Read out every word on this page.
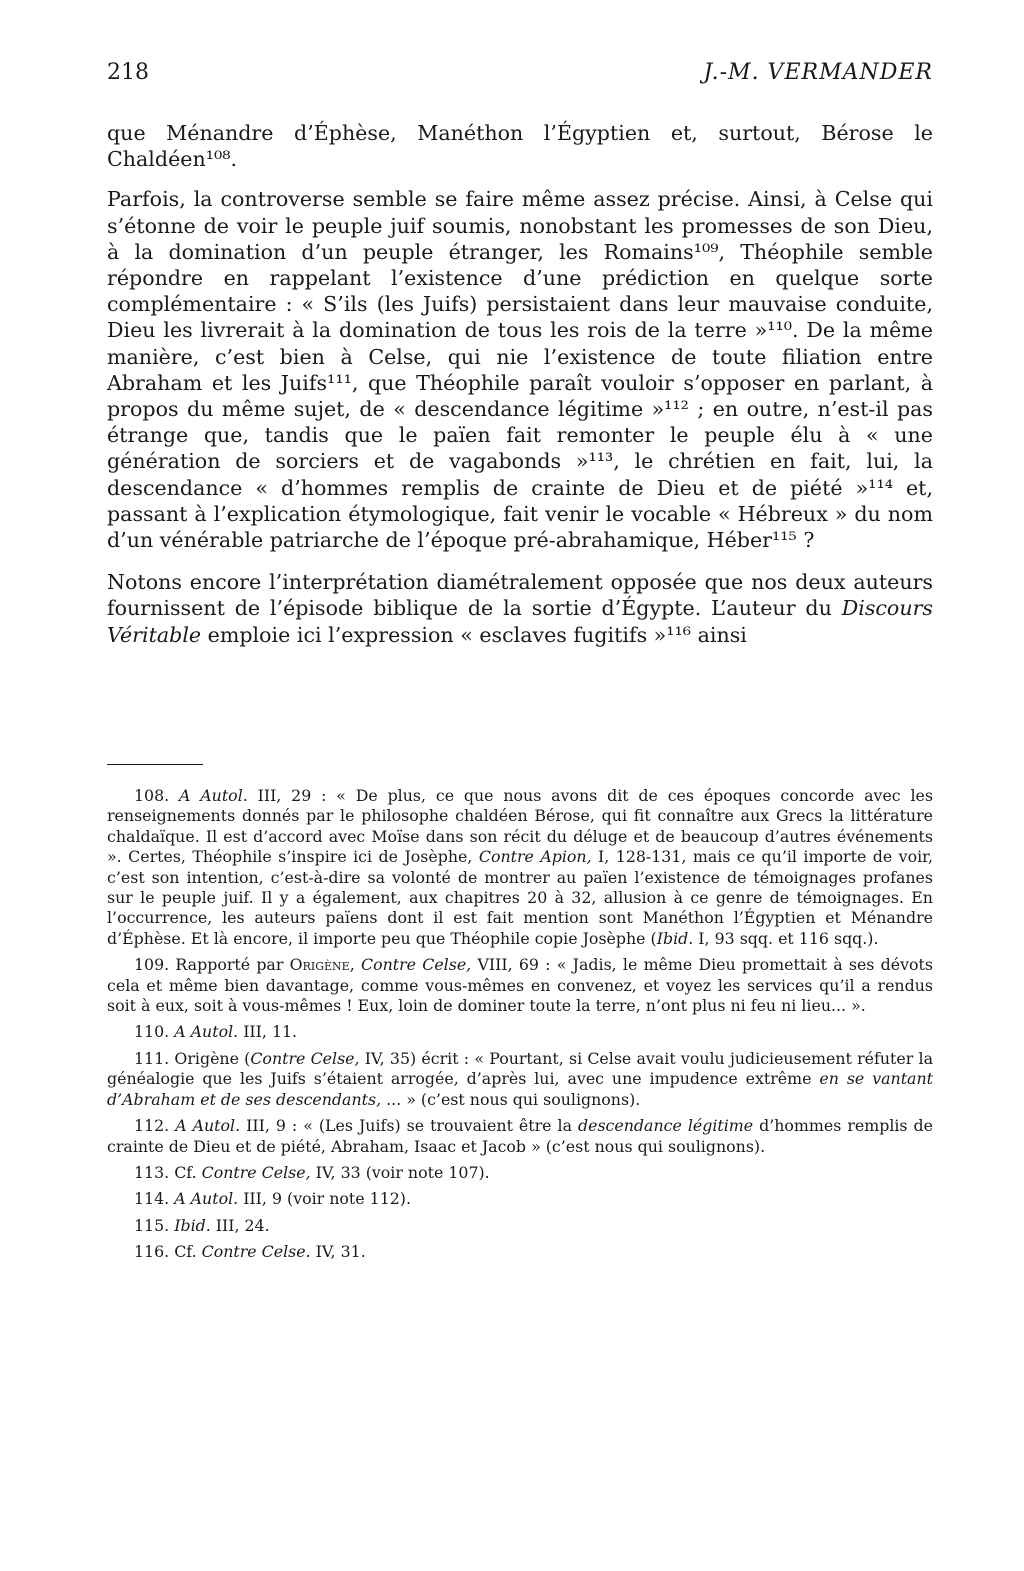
218	J.-M. VERMANDER

que Ménandre d’Éphèse, Manéthon l’Égyptien et, surtout, Bérose le Chaldéen¹⁰⁸.

Parfois, la controverse semble se faire même assez précise. Ainsi, à Celse qui s’étonne de voir le peuple juif soumis, nonobstant les promesses de son Dieu, à la domination d’un peuple étranger, les Romains¹⁰⁹, Théophile semble répondre en rappelant l’existence d’une prédiction en quelque sorte complémentaire : « S’ils (les Juifs) persistaient dans leur mauvaise conduite, Dieu les livrerait à la domination de tous les rois de la terre »¹¹⁰. De la même manière, c’est bien à Celse, qui nie l’existence de toute filiation entre Abraham et les Juifs¹¹¹, que Théophile paraît vouloir s’opposer en parlant, à propos du même sujet, de « descendance légitime »¹¹² ; en outre, n’est-il pas étrange que, tandis que le païen fait remonter le peuple élu à « une génération de sorciers et de vagabonds »¹¹³, le chrétien en fait, lui, la descendance « d’hommes remplis de crainte de Dieu et de piété »¹¹⁴ et, passant à l’explication étymologique, fait venir le vocable « Hébreux » du nom d’un vénérable patriarche de l’époque pré-abrahamique, Héber¹¹⁵ ?

Notons encore l’interprétation diamétralement opposée que nos deux auteurs fournissent de l’épisode biblique de la sortie d’Égypte. L’auteur du Discours Véritable emploie ici l’expression « esclaves fugitifs »¹¹⁶ ainsi

108. A Autol. III, 29 : « De plus, ce que nous avons dit de ces époques concorde avec les renseignements donnés par le philosophe chaldéen Bérose, qui fit connaître aux Grecs la littérature chaldaïque. Il est d’accord avec Moïse dans son récit du déluge et de beaucoup d’autres événements ». Certes, Théophile s’inspire ici de Josèphe, Contre Apion, I, 128-131, mais ce qu’il importe de voir, c’est son intention, c’est-à-dire sa volonté de montrer au païen l’existence de témoignages profanes sur le peuple juif. Il y a également, aux chapitres 20 à 32, allusion à ce genre de témoignages. En l’occurrence, les auteurs païens dont il est fait mention sont Manéthon l’Égyptien et Ménandre d’Éphèse. Et là encore, il importe peu que Théophile copie Josèphe (Ibid. I, 93 sqq. et 116 sqq.).

109. Rapporté par Origène, Contre Celse, VIII, 69 : « Jadis, le même Dieu promettait à ses dévots cela et même bien davantage, comme vous-mêmes en convenez, et voyez les services qu’il a rendus soit à eux, soit à vous-mêmes ! Eux, loin de dominer toute la terre, n’ont plus ni feu ni lieu... ».

110. A Autol. III, 11.

111. Origène (Contre Celse, IV, 35) écrit : « Pourtant, si Celse avait voulu judicieusement réfuter la généalogie que les Juifs s’étaient arrogée, d’après lui, avec une impudence extrême en se vantant d’Abraham et de ses descendants, ... » (c’est nous qui soulignons).

112. A Autol. III, 9 : « (Les Juifs) se trouvaient être la descendance légitime d’hommes remplis de crainte de Dieu et de piété, Abraham, Isaac et Jacob » (c’est nous qui soulignons).

113. Cf. Contre Celse, IV, 33 (voir note 107).

114. A Autol. III, 9 (voir note 112).

115. Ibid. III, 24.

116. Cf. Contre Celse. IV, 31.
